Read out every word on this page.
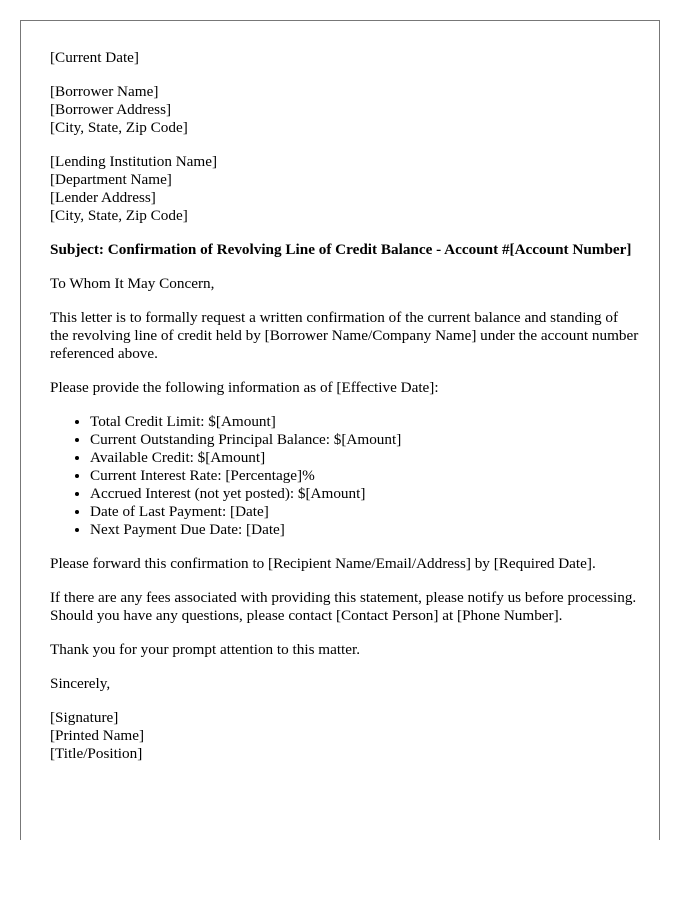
[Current Date]
[Borrower Name]
[Borrower Address]
[City, State, Zip Code]
[Lending Institution Name]
[Department Name]
[Lender Address]
[City, State, Zip Code]

Subject: Confirmation of Revolving Line of Credit Balance - Account #[Account Number]

To Whom It May Concern,

This letter is to formally request a written confirmation of the current balance and standing of the revolving line of credit held by [Borrower Name/Company Name] under the account number referenced above.

Please provide the following information as of [Effective Date]:

• Total Credit Limit: $[Amount]
• Current Outstanding Principal Balance: $[Amount]
• Available Credit: $[Amount]
• Current Interest Rate: [Percentage]%
• Accrued Interest (not yet posted): $[Amount]
• Date of Last Payment: [Date]
• Next Payment Due Date: [Date]

Please forward this confirmation to [Recipient Name/Email/Address] by [Required Date].

If there are any fees associated with providing this statement, please notify us before processing. Should you have any questions, please contact [Contact Person] at [Phone Number].

Thank you for your prompt attention to this matter.

Sincerely,

[Signature]
[Printed Name]
[Title/Position]
